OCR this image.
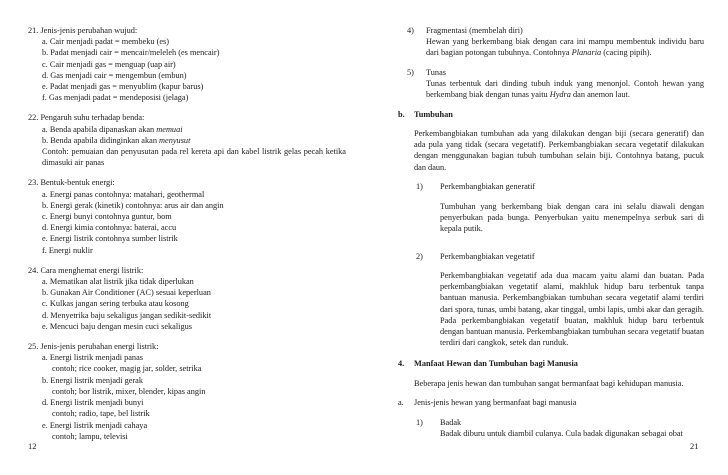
21. Jenis-jenis perubahan wujud:

a. Cair menjadi padat = membeku (es)

b. Padat menjadi cair = mencair/meleleh (es mencair)

c. Cair menjadi gas = menguap (uap air)

d. Gas menjadi cair = mengembun (embun)

e. Padat menjadi gas = menyublim (kapur barus)

f. Gas menjadi padat = mendeposisi (jelaga)

22. Pengaruh suhu terhadap benda:

a. Benda apabila dipanaskan akan memuai

b. Benda apabila didinginkan akan menyusut

Contoh: pemuaian dan penyusutan pada rel kereta api dan kabel listrik gelas pecah ketika dimasuki air panas

23. Bentuk-bentuk energi:

a. Energi panas contohnya: matahari, geothermal

b. Energi gerak (kinetik) contohnya: arus air dan angin

c. Energi bunyi contohnya guntur, bom

d. Energi kimia contohnya: baterai, accu

e. Energi listrik contohnya sumber listrik

f. Energi nuklir

24. Cara menghemat energi listrik:

a. Mematikan alat listrik jika tidak diperlukan

b. Gunakan Air Conditioner (AC) sesuai keperluan

c. Kulkas jangan sering terbuka atau kosong

d. Menyetrika baju sekaligus jangan sedikit-sedikit

e. Mencuci baju dengan mesin cuci sekaligus

25. Jenis-jenis perubahan energi listrik:

a. Energi listrik menjadi panas

contoh; rice cooker, magig jar, solder, setrika

b. Energi listrik menjadi gerak

contoh; bor listrik, mixer, blender, kipas angin

d. Energi listrik menjadi bunyi

contoh; radio, tape, bel listrik

e. Energi listrik menjadi cahaya

contoh; lampu, televisi

12
4) Fragmentasi (membelah diri)

Hewan yang berkembang biak dengan cara ini mampu membentuk individu baru dari bagian potongan tubuhnya. Contohnya Planaria (cacing pipih).

5) Tunas

Tunas terbentuk dari dinding tubuh induk yang menonjol. Contoh hewan yang berkembang biak dengan tunas yaitu Hydra dan anemon laut.

b. Tumbuhan

Perkembangbiakan tumbuhan ada yang dilakukan dengan biji (secara generatif) dan ada pula yang tidak (secara vegetatif). Perkembangbiakan secara vegetatif dilakukan dengan menggunakan bagian tubuh tumbuhan selain biji. Contohnya batang, pucuk dan daun.

1) Perkembangbiakan generatif

Tumbuhan yang berkembang biak dengan cara ini selalu diawali dengan penyerbukan pada bunga. Penyerbukan yaitu menempelnya serbuk sari di kepala putik.

2) Perkembangbiakan vegetatif

Perkembangbiakan vegetatif ada dua macam yaitu alami dan buatan. Pada perkembangbiakan vegetatif alami, makhluk hidup baru terbentuk tanpa bantuan manusia. Perkembangbiakan tumbuhan secara vegetatif alami terdiri dari spora, tunas, umbi batang, akar tinggal, umbi lapis, umbi akar dan geragih. Pada perkembangbiakan vegetatif buatan, makhluk hidup baru terbentuk dengan bantuan manusia. Perkembangbiakan tumbuhan secara vegetatif buatan terdiri dari cangkok, setek dan runduk.

4. Manfaat Hewan dan Tumbuhan bagi Manusia

Beberapa jenis hewan dan tumbuhan sangat bermanfaat bagi kehidupan manusia.

a. Jenis-jenis hewan yang bermanfaat bagi manusia

1) Badak

Badak diburu untuk diambil culanya. Cula badak digunakan sebagai obat

21
